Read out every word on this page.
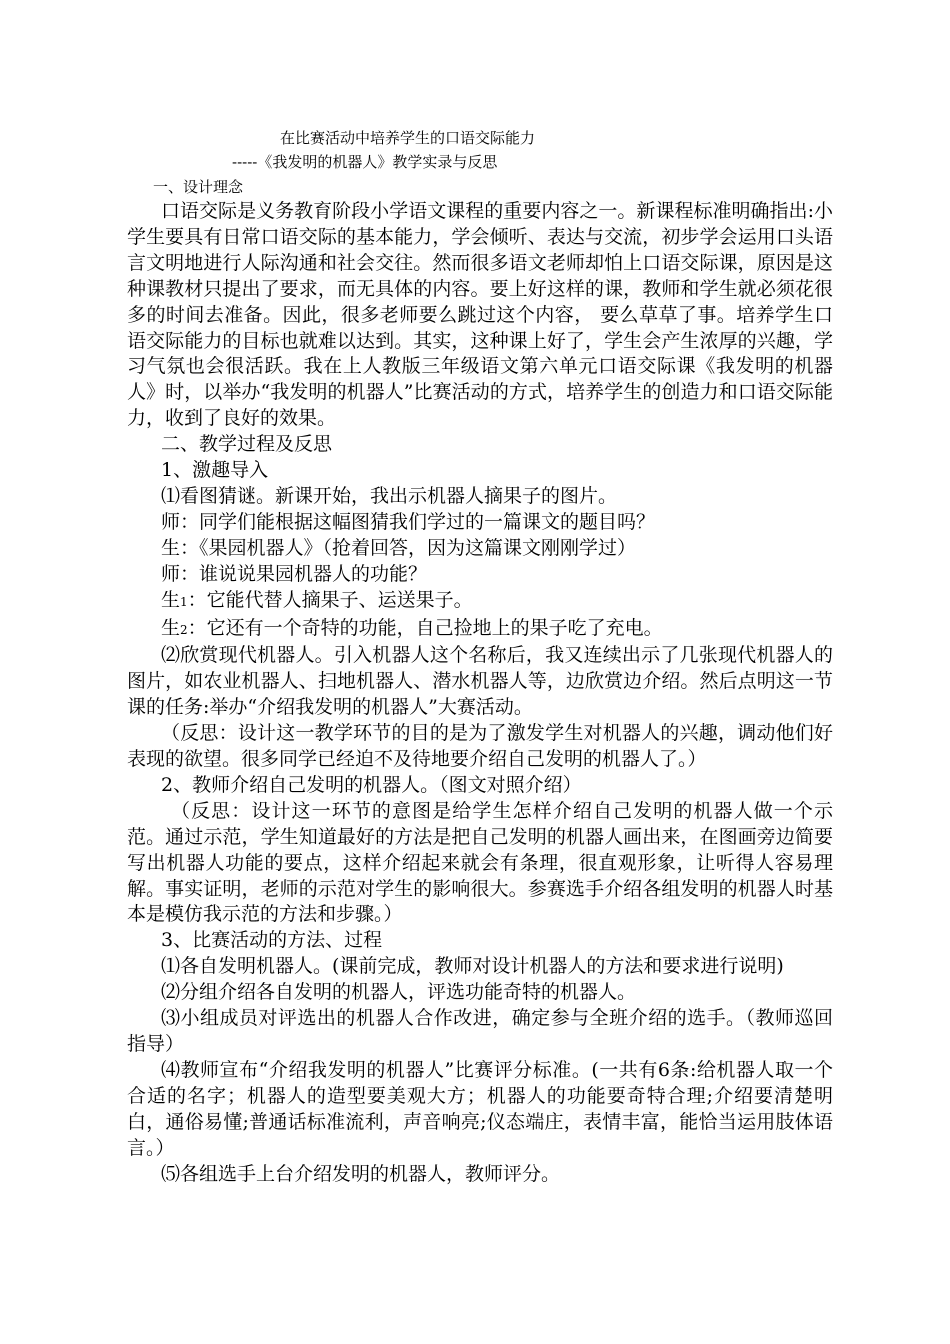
在比赛活动中培养学生的口语交际能力
-----《我发明的机器人》教学实录与反思
一、设计理念

口语交际是义务教育阶段小学语文课程的重要内容之一。新课程标准明确指出:小学生要具有日常口语交际的基本能力，学会倾听、表达与交流，初步学会运用口头语言文明地进行人际沟通和社会交往。然而很多语文老师却怕上口语交际课，原因是这种课教材只提出了要求，而无具体的内容。要上好这样的课，教师和学生就必须花很多的时间去准备。因此，很多老师要么跳过这个内容， 要么草草了事。培养学生口语交际能力的目标也就难以达到。其实，这种课上好了，学生会产生浓厚的兴趣，学习气氛也会很活跃。我在上人教版三年级语文第六单元口语交际课《我发明的机器人》时，以举办“我发明的机器人”比赛活动的方式，培养学生的创造力和口语交际能力，收到了良好的效果。

二、教学过程及反思

1、激趣导入

⑴看图猜谜。新课开始，我出示机器人摘果子的图片。

师：同学们能根据这幅图猜我们学过的一篇课文的题目吗？

生：《果园机器人》（抢着回答，因为这篇课文刚刚学过）

师：谁说说果园机器人的功能？

生1：它能代替人摘果子、运送果子。

生2：它还有一个奇特的功能，自己捡地上的果子吃了充电。

⑵欣赏现代机器人。引入机器人这个名称后，我又连续出示了几张现代机器人的图片，如农业机器人、扫地机器人、潜水机器人等，边欣赏边介绍。然后点明这一节课的任务:举办“介绍我发明的机器人”大赛活动。

（反思：设计这一教学环节的目的是为了激发学生对机器人的兴趣，调动他们好表现的欲望。很多同学已经迫不及待地要介绍自己发明的机器人了。）

2、教师介绍自己发明的机器人。（图文对照介绍）

（反思：设计这一环节的意图是给学生怎样介绍自己发明的机器人做一个示范。通过示范，学生知道最好的方法是把自己发明的机器人画出来，在图画旁边简要写出机器人功能的要点，这样介绍起来就会有条理，很直观形象，让听得人容易理解。事实证明，老师的示范对学生的影响很大。参赛选手介绍各组发明的机器人时基本是模仿我示范的方法和步骤。）

3、比赛活动的方法、过程

⑴各自发明机器人。(课前完成，教师对设计机器人的方法和要求进行说明)

⑵分组介绍各自发明的机器人，评选功能奇特的机器人。

⑶小组成员对评选出的机器人合作改进，确定参与全班介绍的选手。（教师巡回指导）

⑷教师宣布“介绍我发明的机器人”比赛评分标准。(一共有6条:给机器人取一个合适的名字；机器人的造型要美观大方；机器人的功能要奇特合理;介绍要清楚明白，通俗易懂;普通话标准流利，声音响亮;仪态端庄，表情丰富，能恰当运用肢体语言。）

⑸各组选手上台介绍发明的机器人，教师评分。
